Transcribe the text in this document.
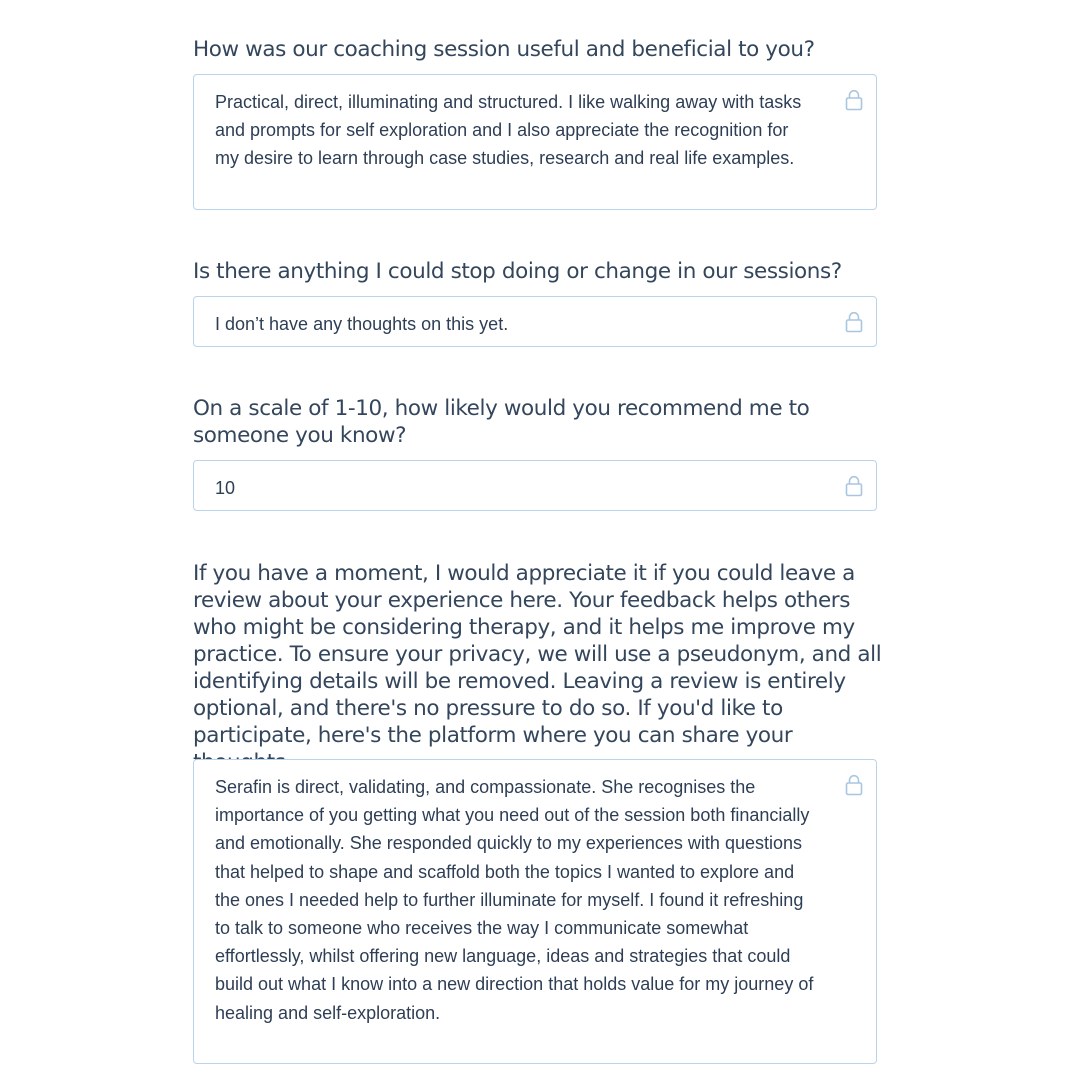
How was our coaching session useful and beneficial to you?

Practical, direct, illuminating and structured. I like walking away with tasks and prompts for self exploration and I also appreciate the recognition for my desire to learn through case studies, research and real life examples.

Is there anything I could stop doing or change in our sessions?

I don’t have any thoughts on this yet.

On a scale of 1-10, how likely would you recommend me to someone you know?

10

If you have a moment, I would appreciate it if you could leave a review about your experience here. Your feedback helps others who might be considering therapy, and it helps me improve my practice. To ensure your privacy, we will use a pseudonym, and all identifying details will be removed. Leaving a review is entirely optional, and there's no pressure to do so. If you'd like to participate, here's the platform where you can share your

Serafin is direct, validating, and compassionate. She recognises the importance of you getting what you need out of the session both financially and emotionally. She responded quickly to my experiences with questions that helped to shape and scaffold both the topics I wanted to explore and the ones I needed help to further illuminate for myself. I found it refreshing to talk to someone who receives the way I communicate somewhat effortlessly, whilst offering new language, ideas and strategies that could build out what I know into a new direction that holds value for my journey of healing and self-exploration.
